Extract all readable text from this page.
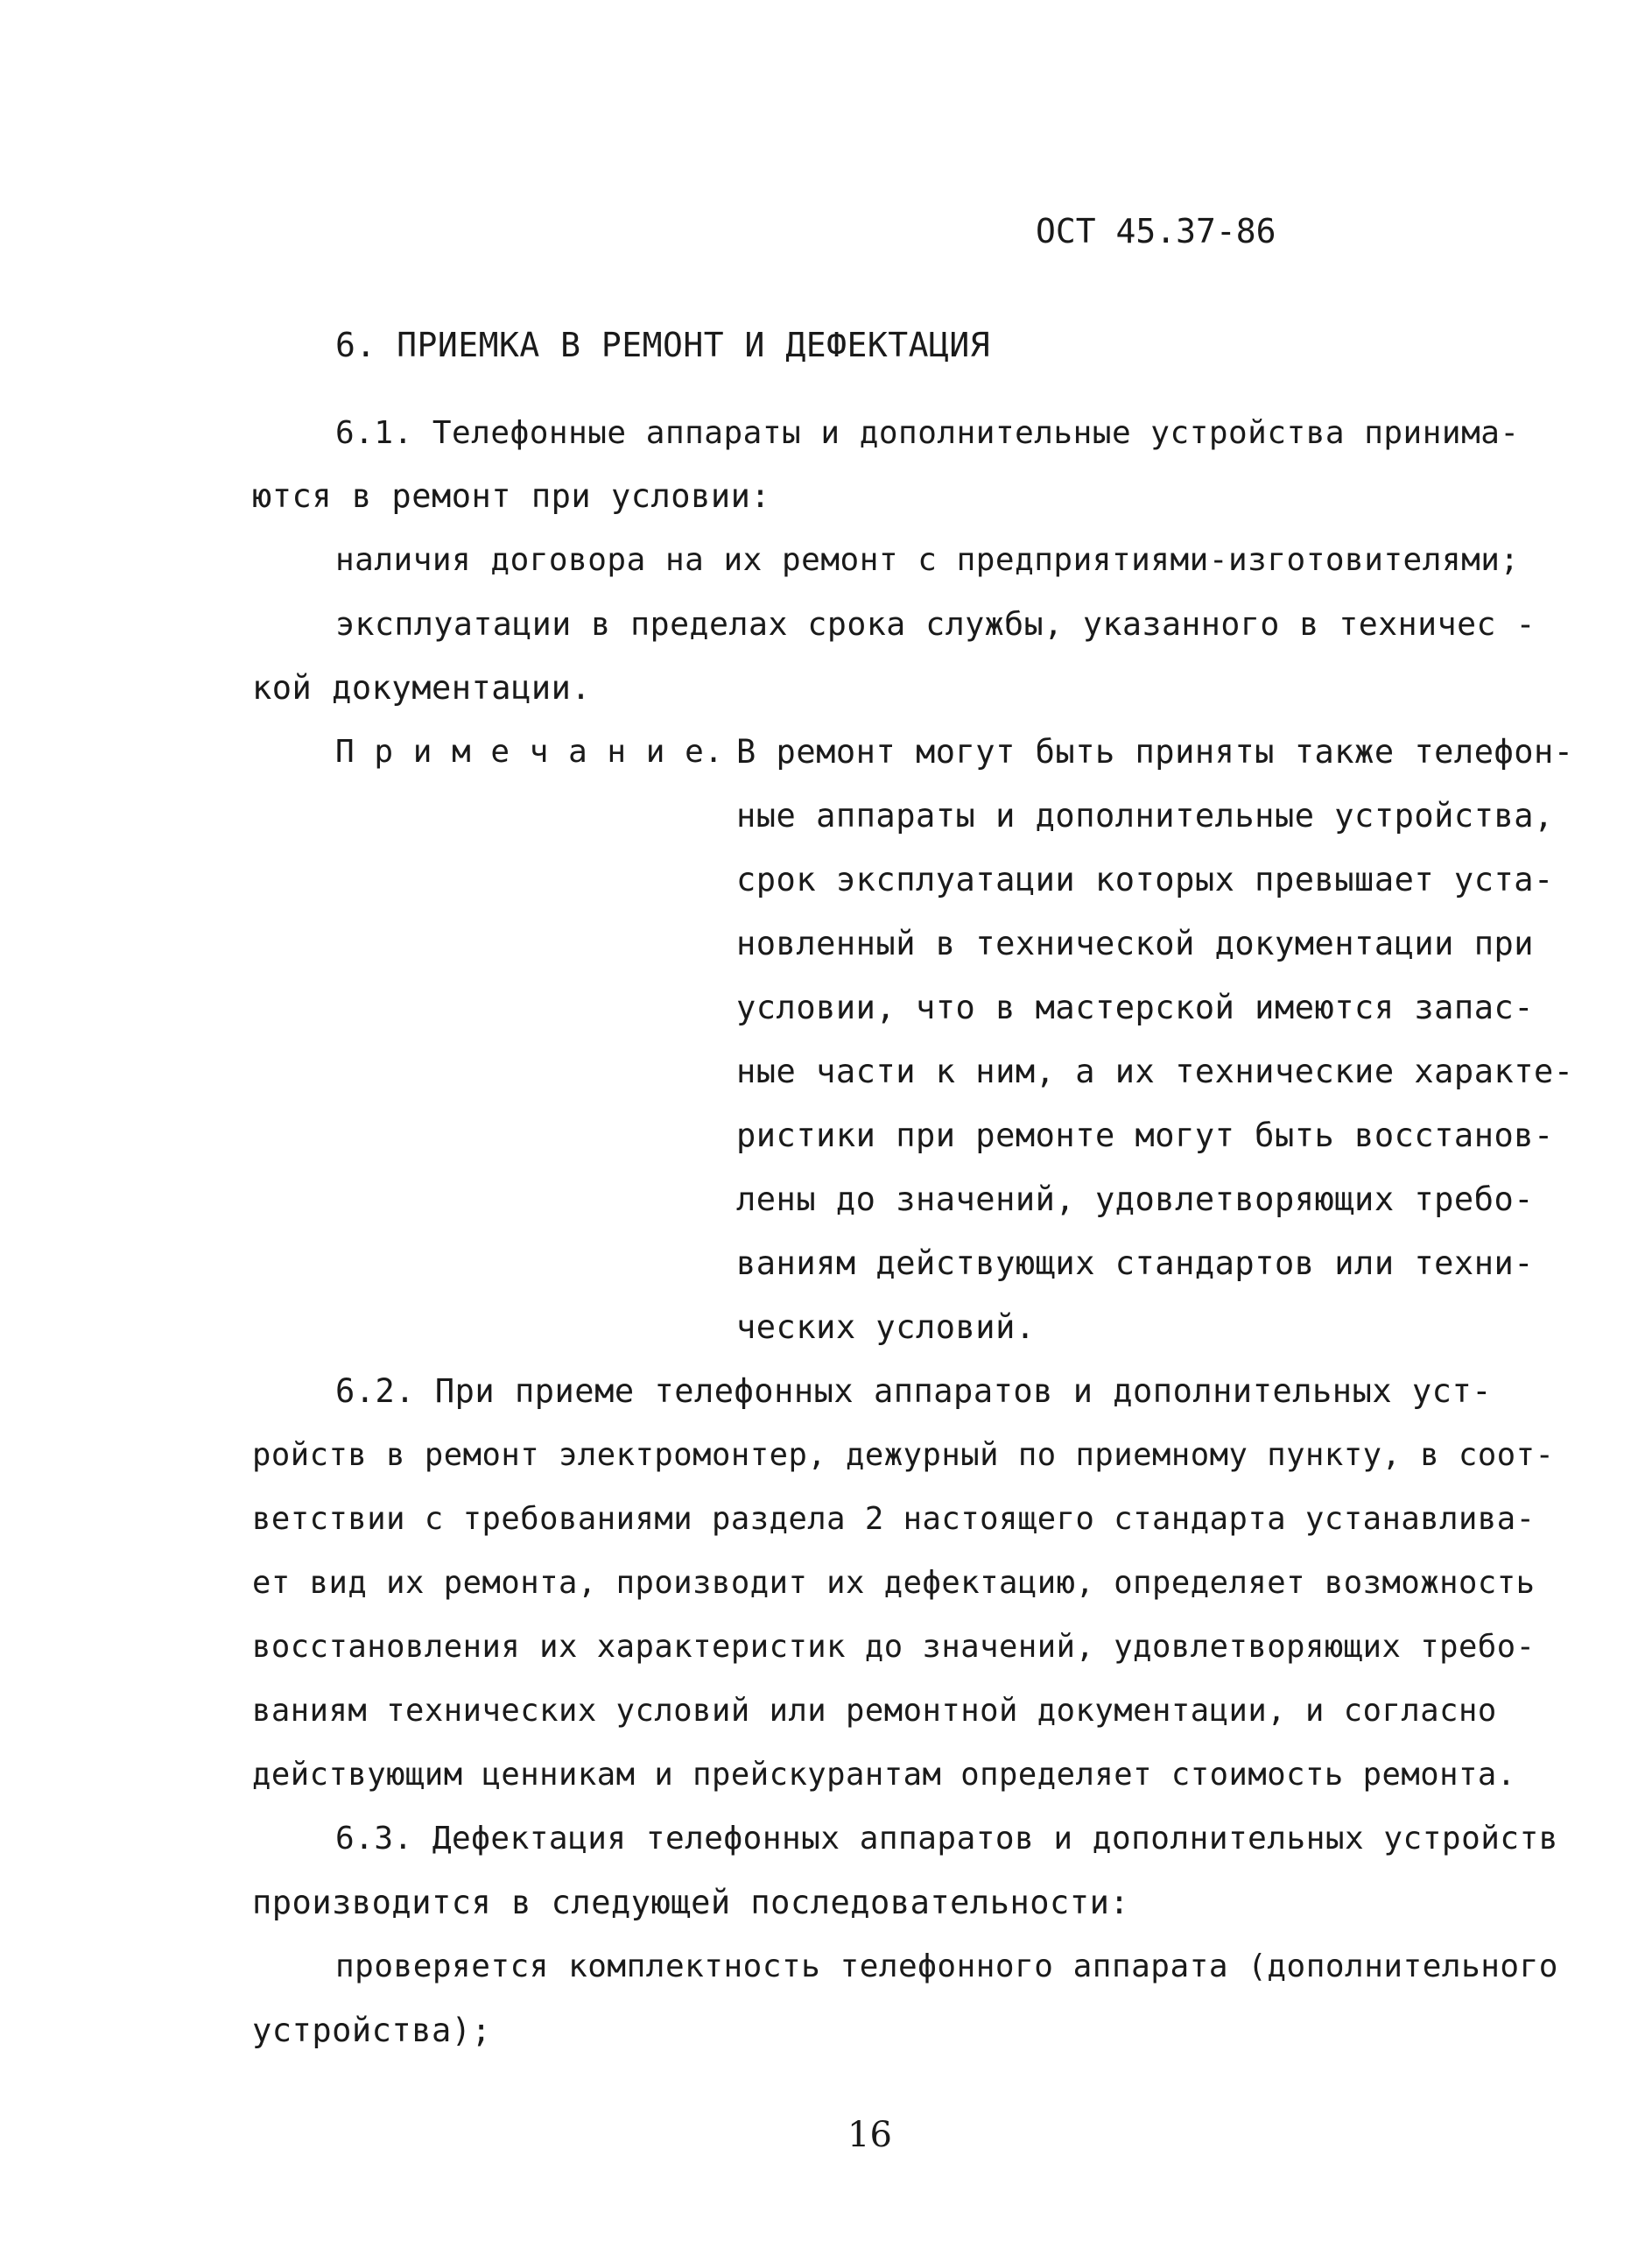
ОСТ 45.37-86
6. ПРИЕМКА В РЕМОНТ И ДЕФЕКТАЦИЯ
6.1. Телефонные аппараты и дополнительные устройства принима-
ются в ремонт при условии:
наличия договора на их ремонт с предприятиями-изготовителями;
эксплуатации в пределах срока службы, указанного в техничес -
кой документации.
П р и м е ч а н и е. В ремонт могут быть приняты также телефон-
ные аппараты и дополнительные устройства,
срок эксплуатации которых превышает уста-
новленный в технической документации при
условии, что в мастерской имеются запас-
ные части к ним, а их технические характе-
ристики при ремонте могут быть восстанов-
лены до значений, удовлетворяющих требо-
ваниям действующих стандартов или техни-
ческих условий.
6.2. При приеме телефонных аппаратов и дополнительных уст-
ройств в ремонт электромонтер, дежурный по приемному пункту, в соот-
ветствии с требованиями раздела 2 настоящего стандарта устанавлива-
ет вид их ремонта, производит их дефектацию, определяет возможность
восстановления их характеристик до значений, удовлетворяющих требо-
ваниям технических условий или ремонтной документации, и согласно
действующим ценникам и прейскурантам определяет стоимость ремонта.
6.3. Дефектация телефонных аппаратов и дополнительных устройств
производится в следующей последовательности:
проверяется комплектность телефонного аппарата (дополнительного
устройства);
16
